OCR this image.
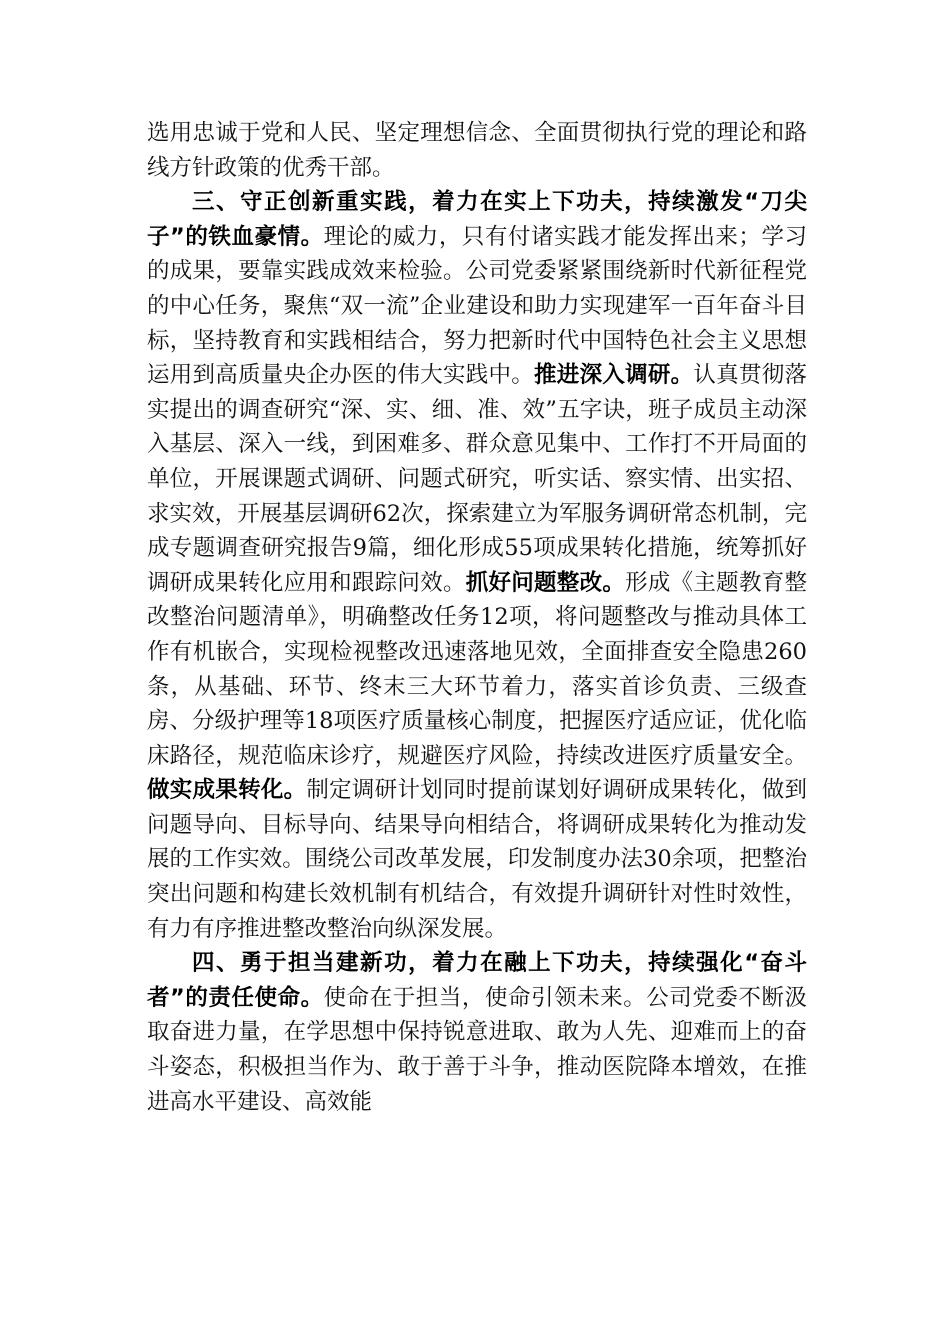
选用忠诚于党和人民、坚定理想信念、全面贯彻执行党的理论和路线方针政策的优秀干部。

三、守正创新重实践，着力在实上下功夫，持续激发“刀尖子”的铁血豪情。理论的威力，只有付诸实践才能发挥出来；学习的成果，要靠实践成效来检验。公司党委紧紧围绕新时代新征程党的中心任务，聚焦“双一流”企业建设和助力实现建军一百年奋斗目标，坚持教育和实践相结合，努力把新时代中国特色社会主义思想运用到高质量央企办医的伟大实践中。推进深入调研。认真贯彻落实提出的调查研究“深、实、细、准、效”五字诀，班子成员主动深入基层、深入一线，到困难多、群众意见集中、工作打不开局面的单位，开展课题式调研、问题式研究，听实话、察实情、出实招、求实效，开展基层调研62次，探索建立为军服务调研常态机制，完成专题调查研究报告9篇，细化形成55项成果转化措施，统筹抓好调研成果转化应用和跟踪问效。抓好问题整改。形成《主题教育整改整治问题清单》，明确整改任务12项，将问题整改与推动具体工作有机嵌合，实现检视整改迅速落地见效，全面排查安全隐患260条，从基础、环节、终末三大环节着力，落实首诊负责、三级查房、分级护理等18项医疗质量核心制度，把握医疗适应证，优化临床路径，规范临床诊疗，规避医疗风险，持续改进医疗质量安全。做实成果转化。制定调研计划同时提前谋划好调研成果转化，做到问题导向、目标导向、结果导向相结合，将调研成果转化为推动发展的工作实效。围绕公司改革发展，印发制度办法30余项，把整治突出问题和构建长效机制有机结合，有效提升调研针对性时效性，有力有序推进整改整治向纵深发展。

四、勇于担当建新功，着力在融上下功夫，持续强化“奋斗者”的责任使命。使命在于担当，使命引领未来。公司党委不断汲取奋进力量，在学思想中保持锐意进取、敢为人先、迎难而上的奋斗姿态，积极担当作为、敢于善于斗争，推动医院降本增效，在推进高水平建设、高效能
